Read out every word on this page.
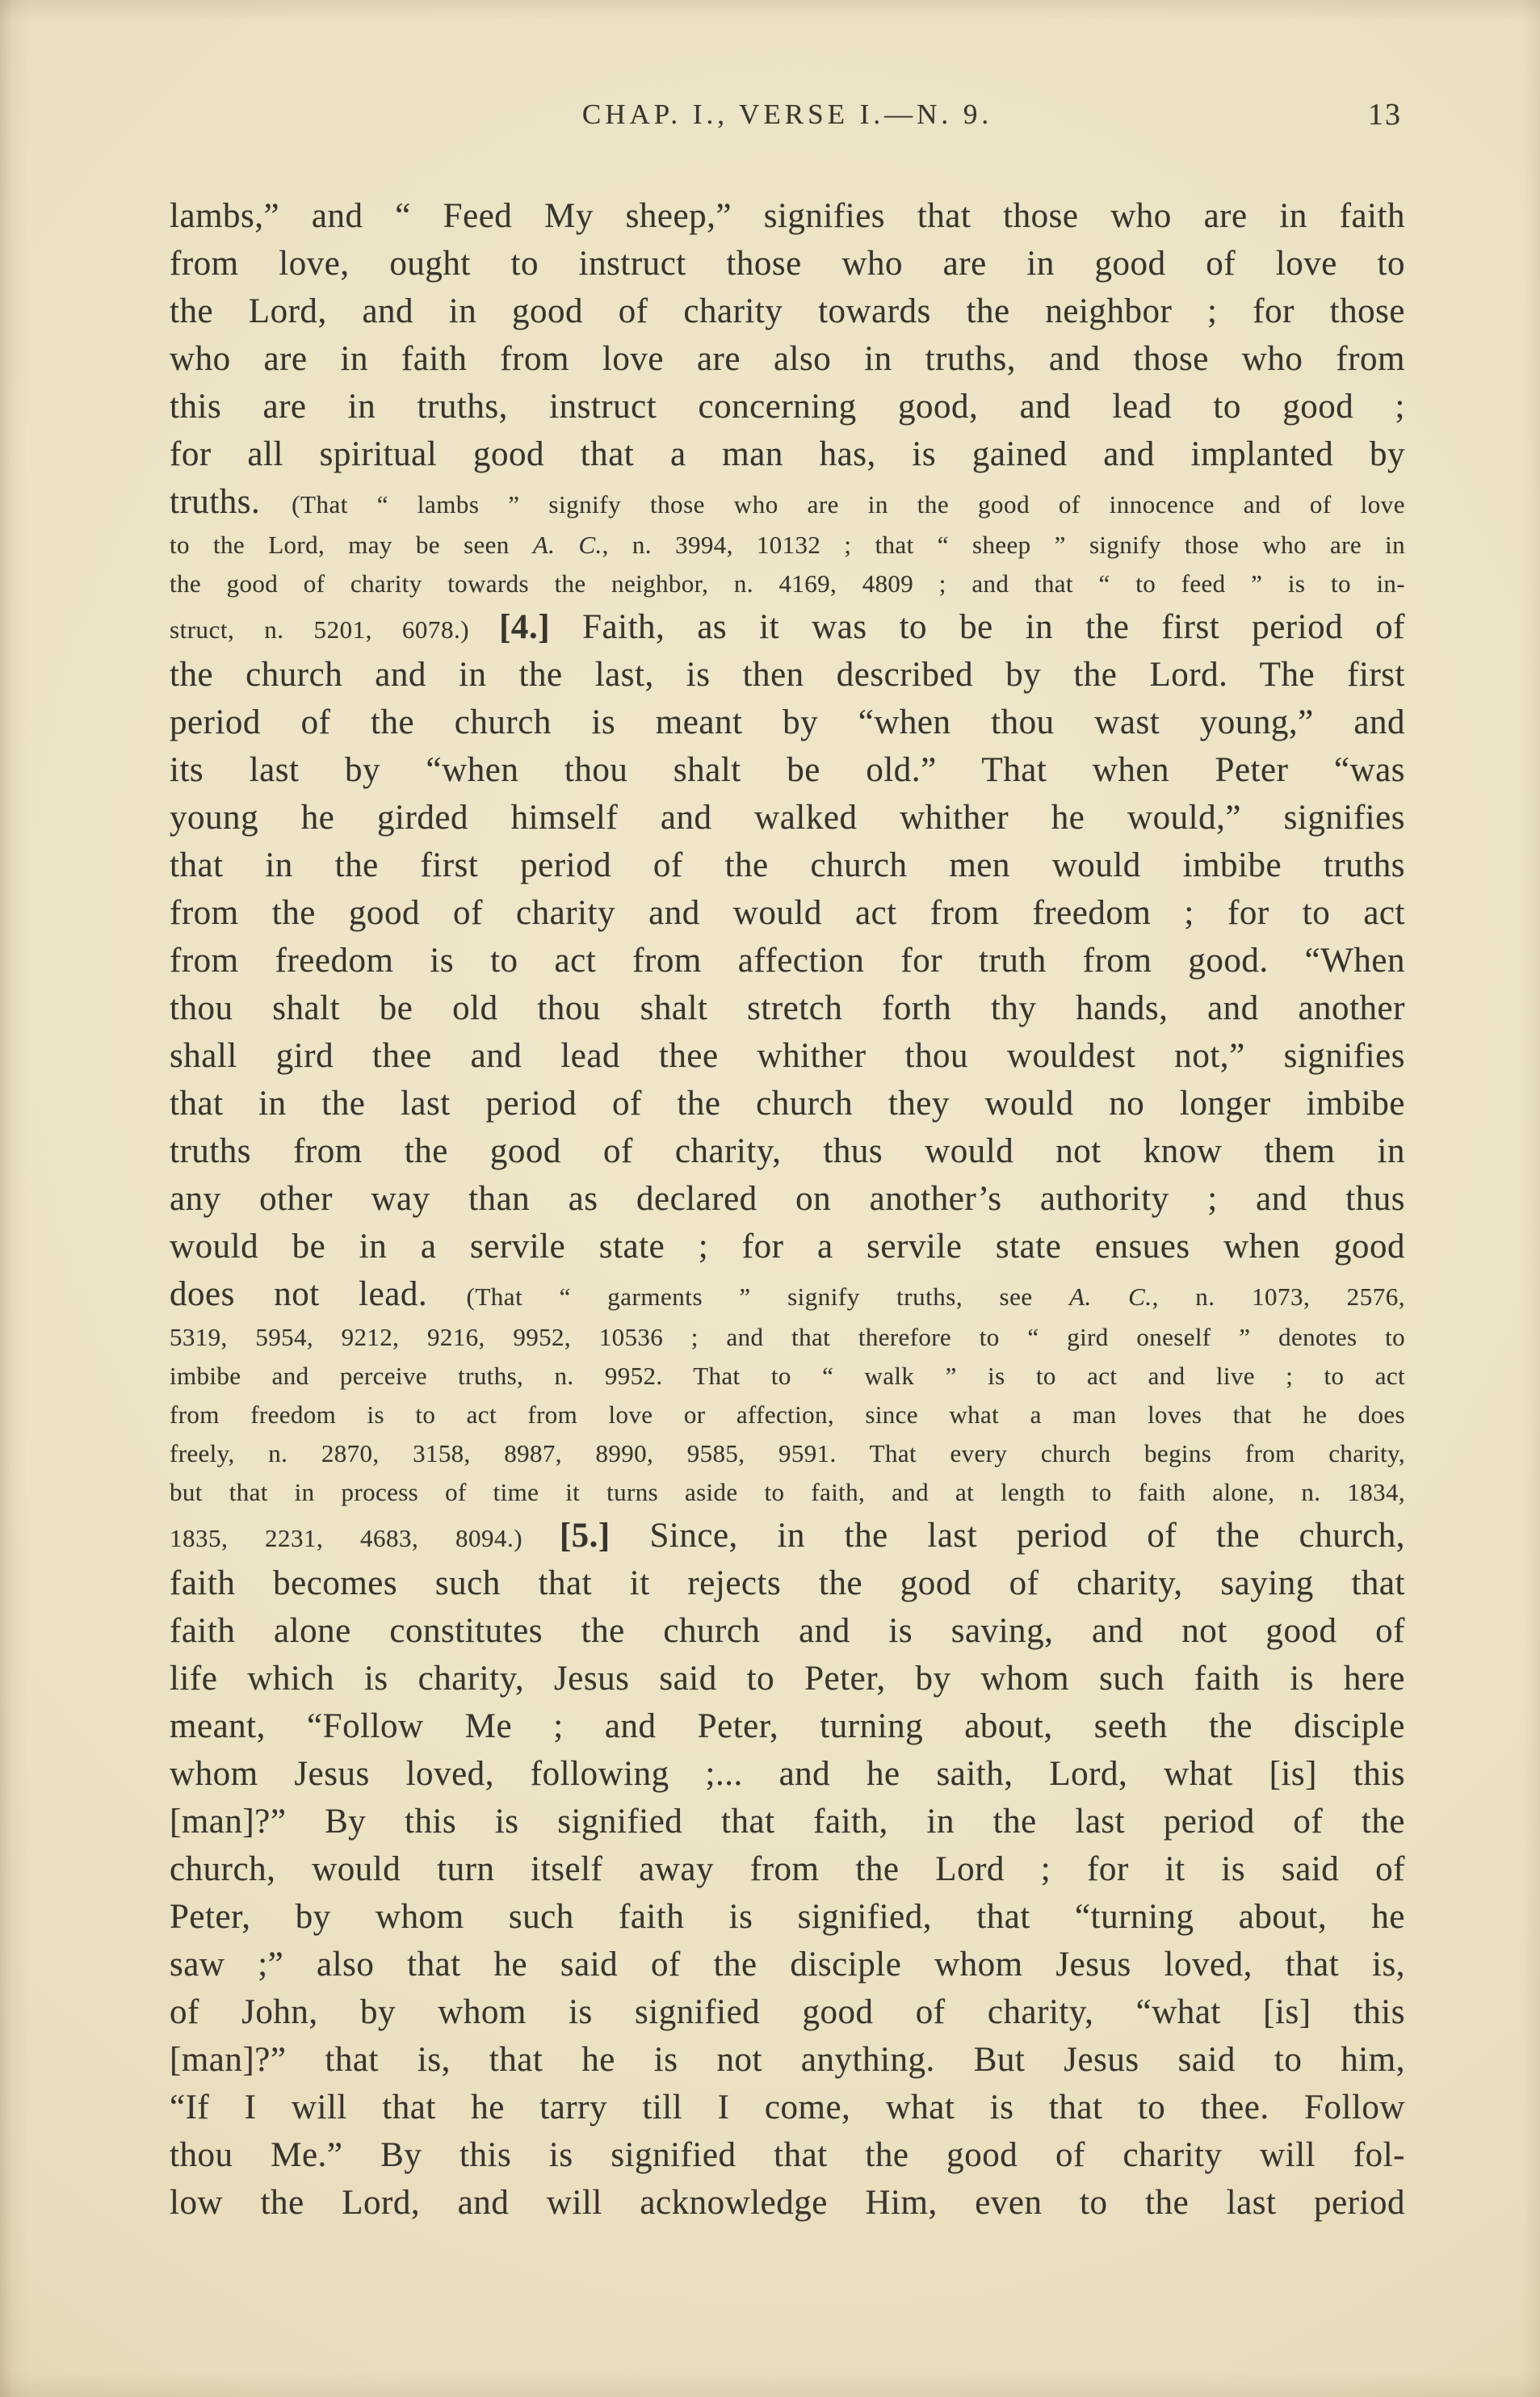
CHAP. I., VERSE I.—N. 9.	13
lambs,” and “ Feed My sheep,” signifies that those who are in faith
from love, ought to instruct those who are in good of love to
the Lord, and in good of charity towards the neighbor ; for those
who are in faith from love are also in truths, and those who from
this are in truths, instruct concerning good, and lead to good ;
for all spiritual good that a man has, is gained and implanted by
truths. (That “ lambs ” signify those who are in the good of innocence and of love
to the Lord, may be seen A. C., n. 3994, 10132 ; that “ sheep ” signify those who are in
the good of charity towards the neighbor, n. 4169, 4809 ; and that “ to feed ” is to in-
struct, n. 5201, 6078.) [4.] Faith, as it was to be in the first period of
the church and in the last, is then described by the Lord. The first
period of the church is meant by “when thou wast young,” and
its last by “when thou shalt be old.” That when Peter “was
young he girded himself and walked whither he would,” signifies
that in the first period of the church men would imbibe truths
from the good of charity and would act from freedom ; for to act
from freedom is to act from affection for truth from good. “When
thou shalt be old thou shalt stretch forth thy hands, and another
shall gird thee and lead thee whither thou wouldest not,” signifies
that in the last period of the church they would no longer imbibe
truths from the good of charity, thus would not know them in
any other way than as declared on another’s authority ; and thus
would be in a servile state ; for a servile state ensues when good
does not lead. (That “ garments ” signify truths, see A. C., n. 1073, 2576,
5319, 5954, 9212, 9216, 9952, 10536 ; and that therefore to “ gird oneself ” denotes to
imbibe and perceive truths, n. 9952. That to “ walk ” is to act and live ; to act
from freedom is to act from love or affection, since what a man loves that he does
freely, n. 2870, 3158, 8987, 8990, 9585, 9591. That every church begins from charity,
but that in process of time it turns aside to faith, and at length to faith alone, n. 1834,
1835, 2231, 4683, 8094.) [5.] Since, in the last period of the church,
faith becomes such that it rejects the good of charity, saying that
faith alone constitutes the church and is saving, and not good of
life which is charity, Jesus said to Peter, by whom such faith is here
meant, “Follow Me ; and Peter, turning about, seeth the disciple
whom Jesus loved, following ;... and he saith, Lord, what [is] this
[man]?” By this is signified that faith, in the last period of the
church, would turn itself away from the Lord ; for it is said of
Peter, by whom such faith is signified, that “turning about, he
saw ;” also that he said of the disciple whom Jesus loved, that is,
of John, by whom is signified good of charity, “what [is] this
[man]?” that is, that he is not anything. But Jesus said to him,
“If I will that he tarry till I come, what is that to thee. Follow
thou Me.” By this is signified that the good of charity will fol-
low the Lord, and will acknowledge Him, even to the last period
